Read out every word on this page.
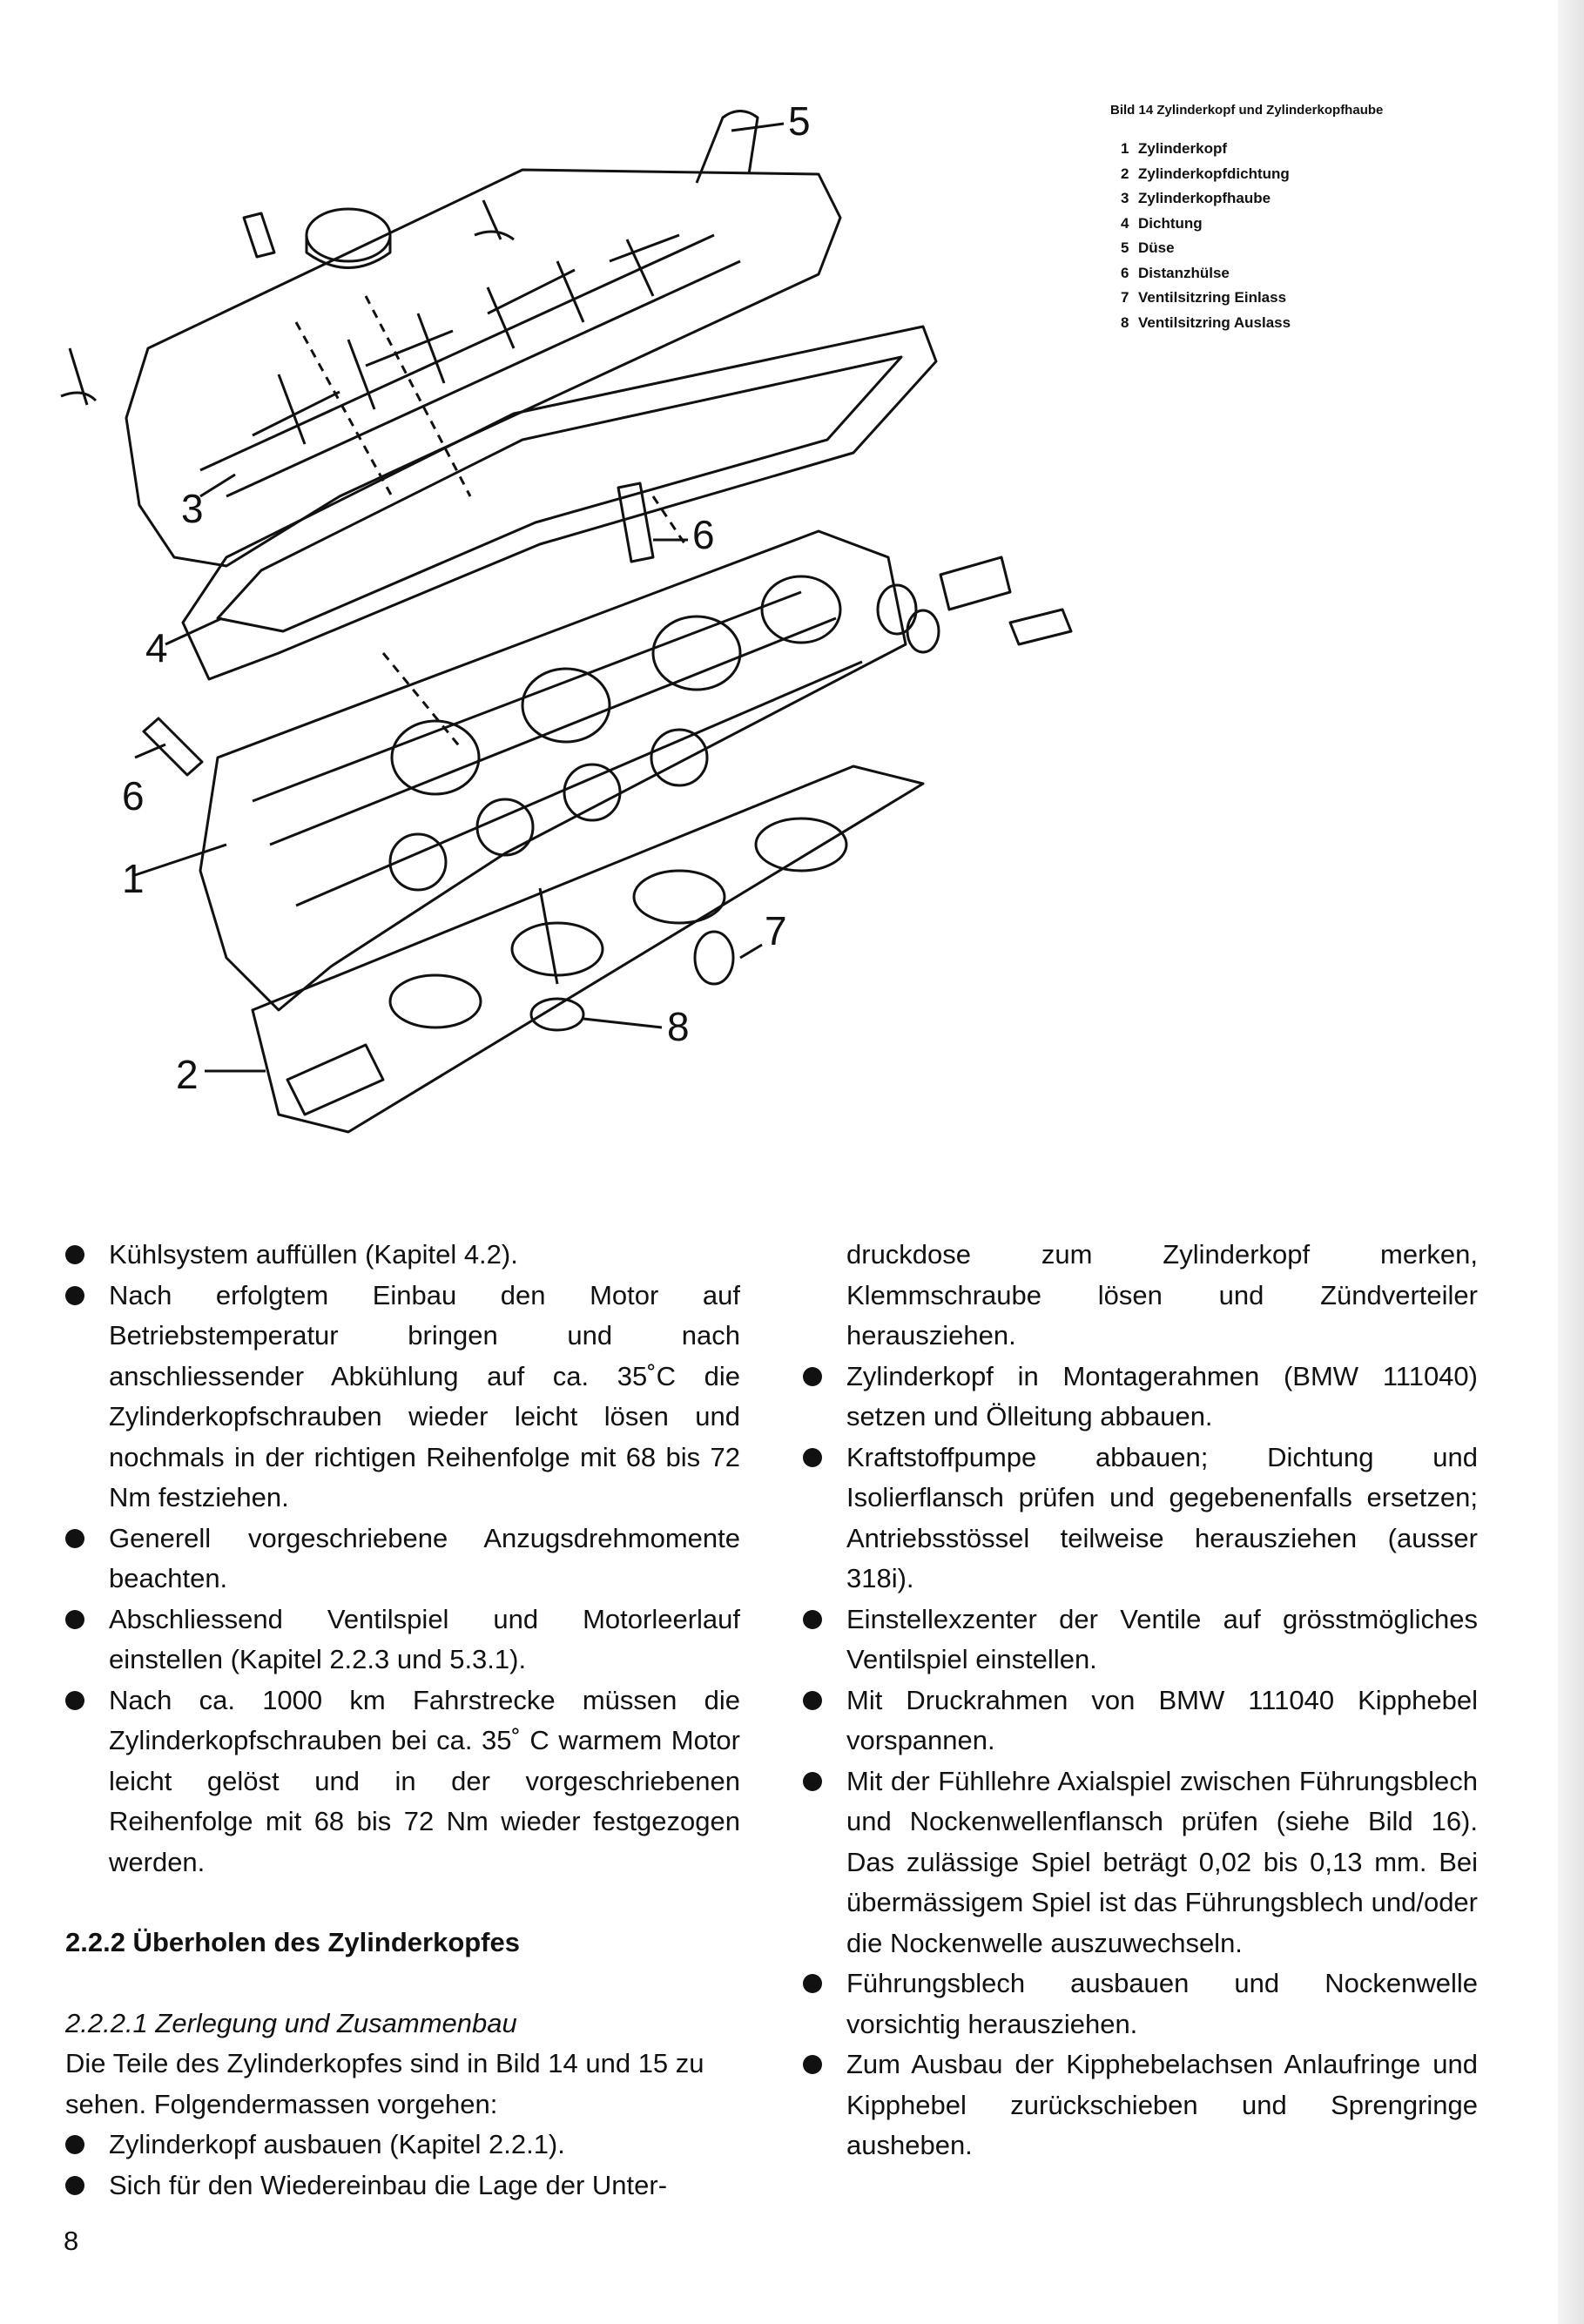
5
3
6
4
6
1
7
8
2

Bild 14 Zylinderkopf und Zylinderkopfhaube

1 Zylinderkopf
2 Zylinderkopfdichtung
3 Zylinderkopfhaube
4 Dichtung
5 Düse
6 Distanzhülse
7 Ventilsitzring Einlass
8 Ventilsitzring Auslass

Kühlsystem auffüllen (Kapitel 4.2).

Nach erfolgtem Einbau den Motor auf Betriebstemperatur bringen und nach anschliessender Abkühlung auf ca. 35˚C die Zylinderkopfschrauben wieder leicht lösen und nochmals in der richtigen Reihenfolge mit 68 bis 72 Nm festziehen.

Generell vorgeschriebene Anzugsdrehmomente beachten.

Abschliessend Ventilspiel und Motorleerlauf einstellen (Kapitel 2.2.3 und 5.3.1).

Nach ca. 1000 km Fahrstrecke müssen die Zylinderkopfschrauben bei ca. 35˚ C warmem Motor leicht gelöst und in der vorgeschriebenen Reihenfolge mit 68 bis 72 Nm wieder festgezogen werden.

2.2.2 Überholen des Zylinderkopfes

2.2.2.1 Zerlegung und Zusammenbau

Die Teile des Zylinderkopfes sind in Bild 14 und 15 zu sehen. Folgendermassen vorgehen:

Zylinderkopf ausbauen (Kapitel 2.2.1).

Sich für den Wiedereinbau die Lage der Unter-

druckdose zum Zylinderkopf merken, Klemmschraube lösen und Zündverteiler herausziehen.

Zylinderkopf in Montagerahmen (BMW 111040) setzen und Ölleitung abbauen.

Kraftstoffpumpe abbauen; Dichtung und Isolierflansch prüfen und gegebenenfalls ersetzen; Antriebsstössel teilweise herausziehen (ausser 318i).

Einstellexzenter der Ventile auf grösstmögliches Ventilspiel einstellen.

Mit Druckrahmen von BMW 111040 Kipphebel vorspannen.

Mit der Fühllehre Axialspiel zwischen Führungsblech und Nockenwellenflansch prüfen (siehe Bild 16). Das zulässige Spiel beträgt 0,02 bis 0,13 mm. Bei übermässigem Spiel ist das Führungsblech und/oder die Nockenwelle auszuwechseln.

Führungsblech ausbauen und Nockenwelle vorsichtig herausziehen.

Zum Ausbau der Kipphebelachsen Anlaufringe und Kipphebel zurückschieben und Sprengringe ausheben.

8
